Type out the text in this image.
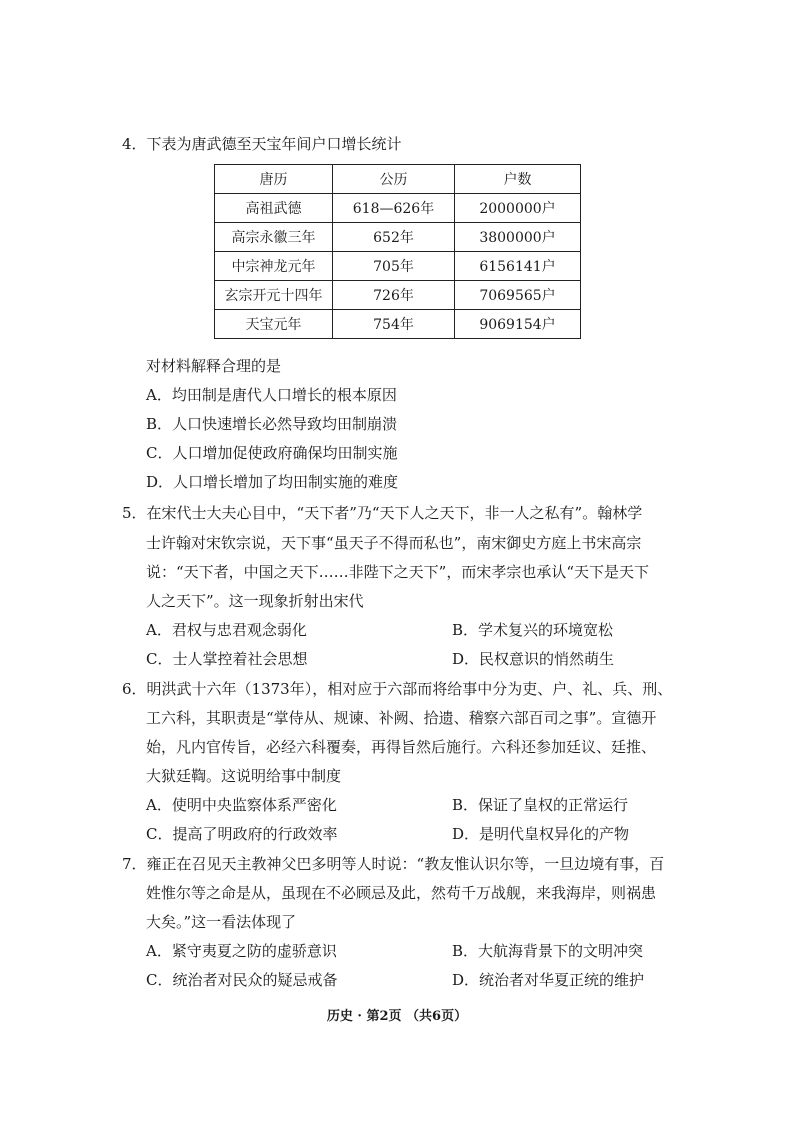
4．下表为唐武德至天宝年间户口增长统计
唐历	公历	户数
高祖武德	618—626年	2000000户
高宗永徽三年	652年	3800000户
中宗神龙元年	705年	6156141户
玄宗开元十四年	726年	7069565户
天宝元年	754年	9069154户
对材料解释合理的是
A．均田制是唐代人口增长的根本原因
B．人口快速增长必然导致均田制崩溃
C．人口增加促使政府确保均田制实施
D．人口增长增加了均田制实施的难度
5．在宋代士大夫心目中，“天下者”乃“天下人之天下，非一人之私有”。翰林学
士许翰对宋钦宗说，天下事“虽天子不得而私也”，南宋御史方庭上书宋高宗
说：“天下者，中国之天下……非陛下之天下”，而宋孝宗也承认“天下是天下
人之天下”。这一现象折射出宋代
A．君权与忠君观念弱化	B．学术复兴的环境宽松
C．士人掌控着社会思想	D．民权意识的悄然萌生
6．明洪武十六年（1373年），相对应于六部而将给事中分为吏、户、礼、兵、刑、
工六科，其职责是“掌侍从、规谏、补阙、拾遗、稽察六部百司之事”。宣德开
始，凡内官传旨，必经六科覆奏，再得旨然后施行。六科还参加廷议、廷推、
大狱廷鞫。这说明给事中制度
A．使明中央监察体系严密化	B．保证了皇权的正常运行
C．提高了明政府的行政效率	D．是明代皇权异化的产物
7．雍正在召见天主教神父巴多明等人时说：“教友惟认识尔等，一旦边境有事，百
姓惟尔等之命是从，虽现在不必顾忌及此，然苟千万战舰，来我海岸，则祸患
大矣。”这一看法体现了
A．紧守夷夏之防的虚骄意识	B．大航海背景下的文明冲突
C．统治者对民众的疑忌戒备	D．统治者对华夏正统的维护
历史 · 第2页 （共6页）
